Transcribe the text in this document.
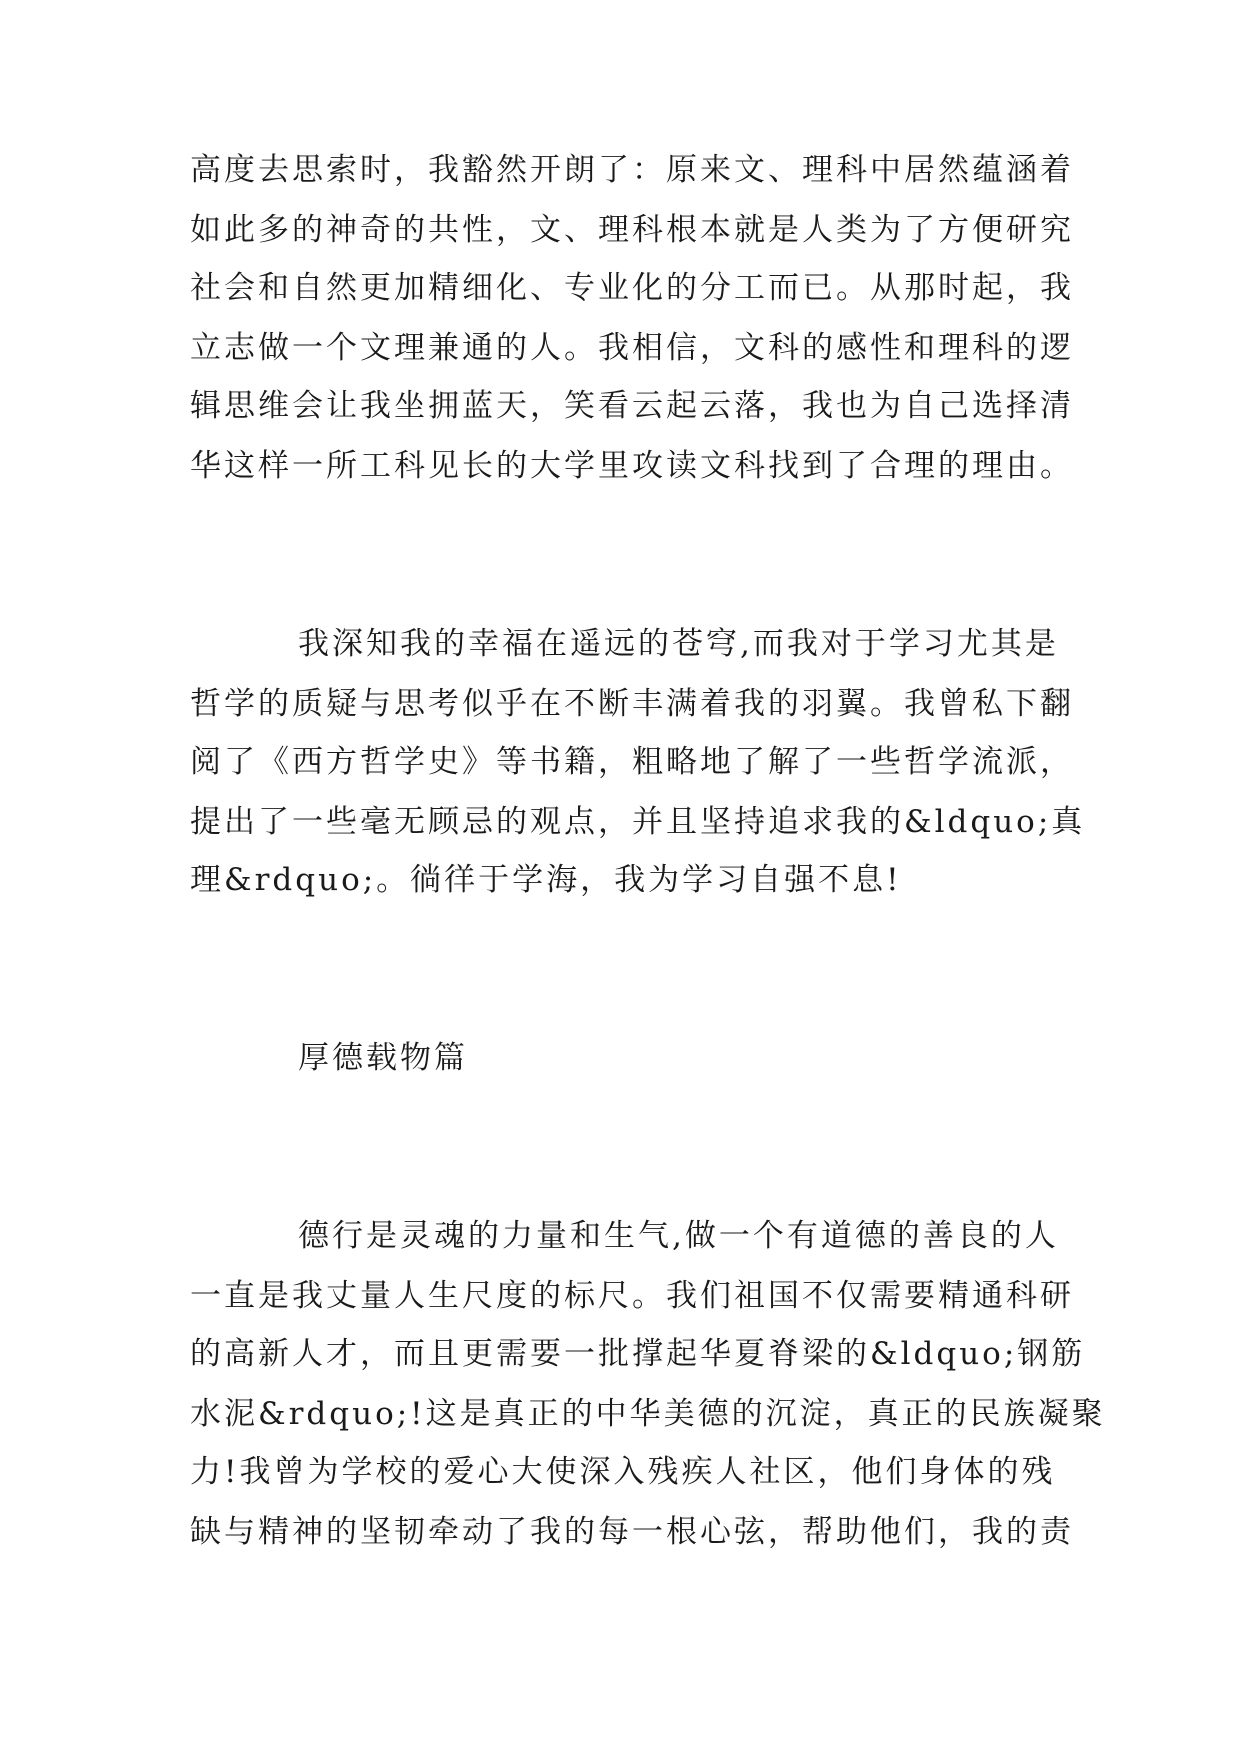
高度去思索时，我豁然开朗了：原来文、理科中居然蕴涵着
如此多的神奇的共性，文、理科根本就是人类为了方便研究
社会和自然更加精细化、专业化的分工而已。从那时起，我
立志做一个文理兼通的人。我相信，文科的感性和理科的逻
辑思维会让我坐拥蓝天，笑看云起云落，我也为自己选择清
华这样一所工科见长的大学里攻读文科找到了合理的理由。
我深知我的幸福在遥远的苍穹,而我对于学习尤其是
哲学的质疑与思考似乎在不断丰满着我的羽翼。我曾私下翻
阅了《西方哲学史》等书籍，粗略地了解了一些哲学流派，
提出了一些毫无顾忌的观点，并且坚持追求我的&ldquo;真
理&rdquo;。徜徉于学海，我为学习自强不息!
厚德载物篇
德行是灵魂的力量和生气,做一个有道德的善良的人
一直是我丈量人生尺度的标尺。我们祖国不仅需要精通科研
的高新人才，而且更需要一批撑起华夏脊梁的&ldquo;钢筋
水泥&rdquo;!这是真正的中华美德的沉淀，真正的民族凝聚
力!我曾为学校的爱心大使深入残疾人社区，他们身体的残
缺与精神的坚韧牵动了我的每一根心弦，帮助他们，我的责
